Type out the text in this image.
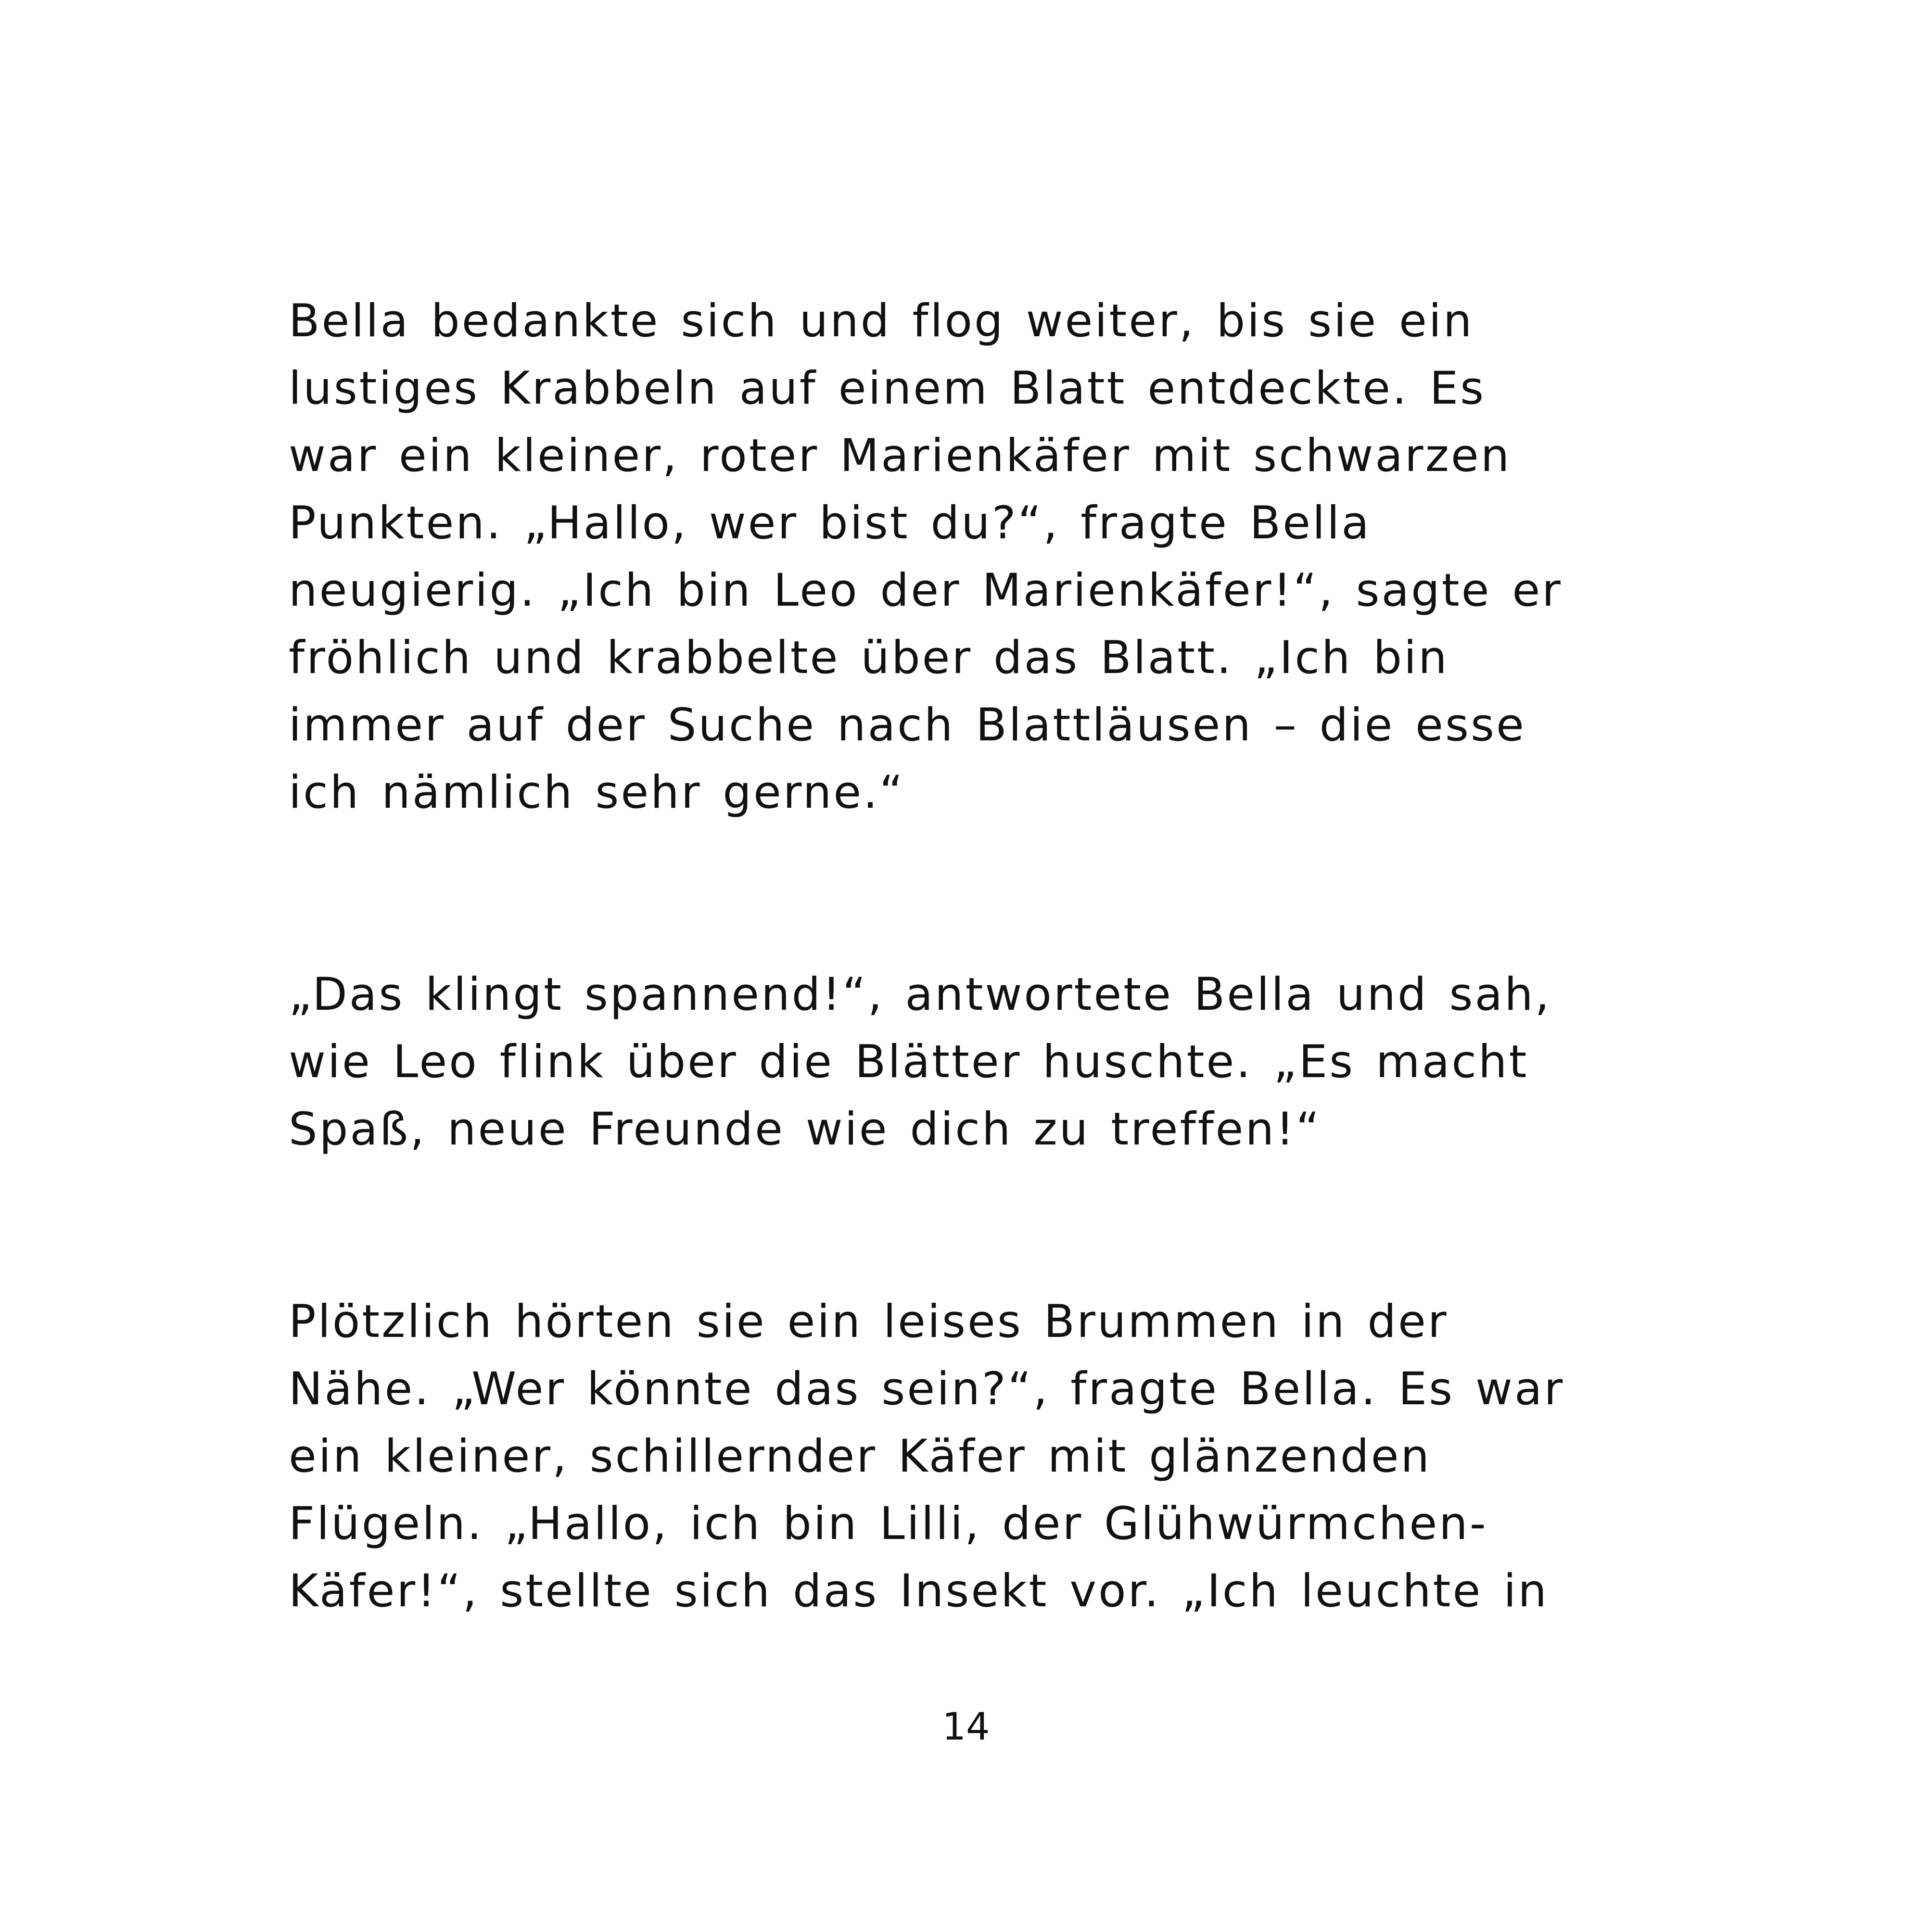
Bella bedankte sich und flog weiter, bis sie ein
lustiges Krabbeln auf einem Blatt entdeckte. Es
war ein kleiner, roter Marienkäfer mit schwarzen
Punkten. „Hallo, wer bist du?“, fragte Bella
neugierig. „Ich bin Leo der Marienkäfer!“, sagte er
fröhlich und krabbelte über das Blatt. „Ich bin
immer auf der Suche nach Blattläusen – die esse
ich nämlich sehr gerne.“
„Das klingt spannend!“, antwortete Bella und sah,
wie Leo flink über die Blätter huschte. „Es macht
Spaß, neue Freunde wie dich zu treffen!“
Plötzlich hörten sie ein leises Brummen in der
Nähe. „Wer könnte das sein?“, fragte Bella. Es war
ein kleiner, schillernder Käfer mit glänzenden
Flügeln. „Hallo, ich bin Lilli, der Glühwürmchen-
Käfer!“, stellte sich das Insekt vor. „Ich leuchte in
14
